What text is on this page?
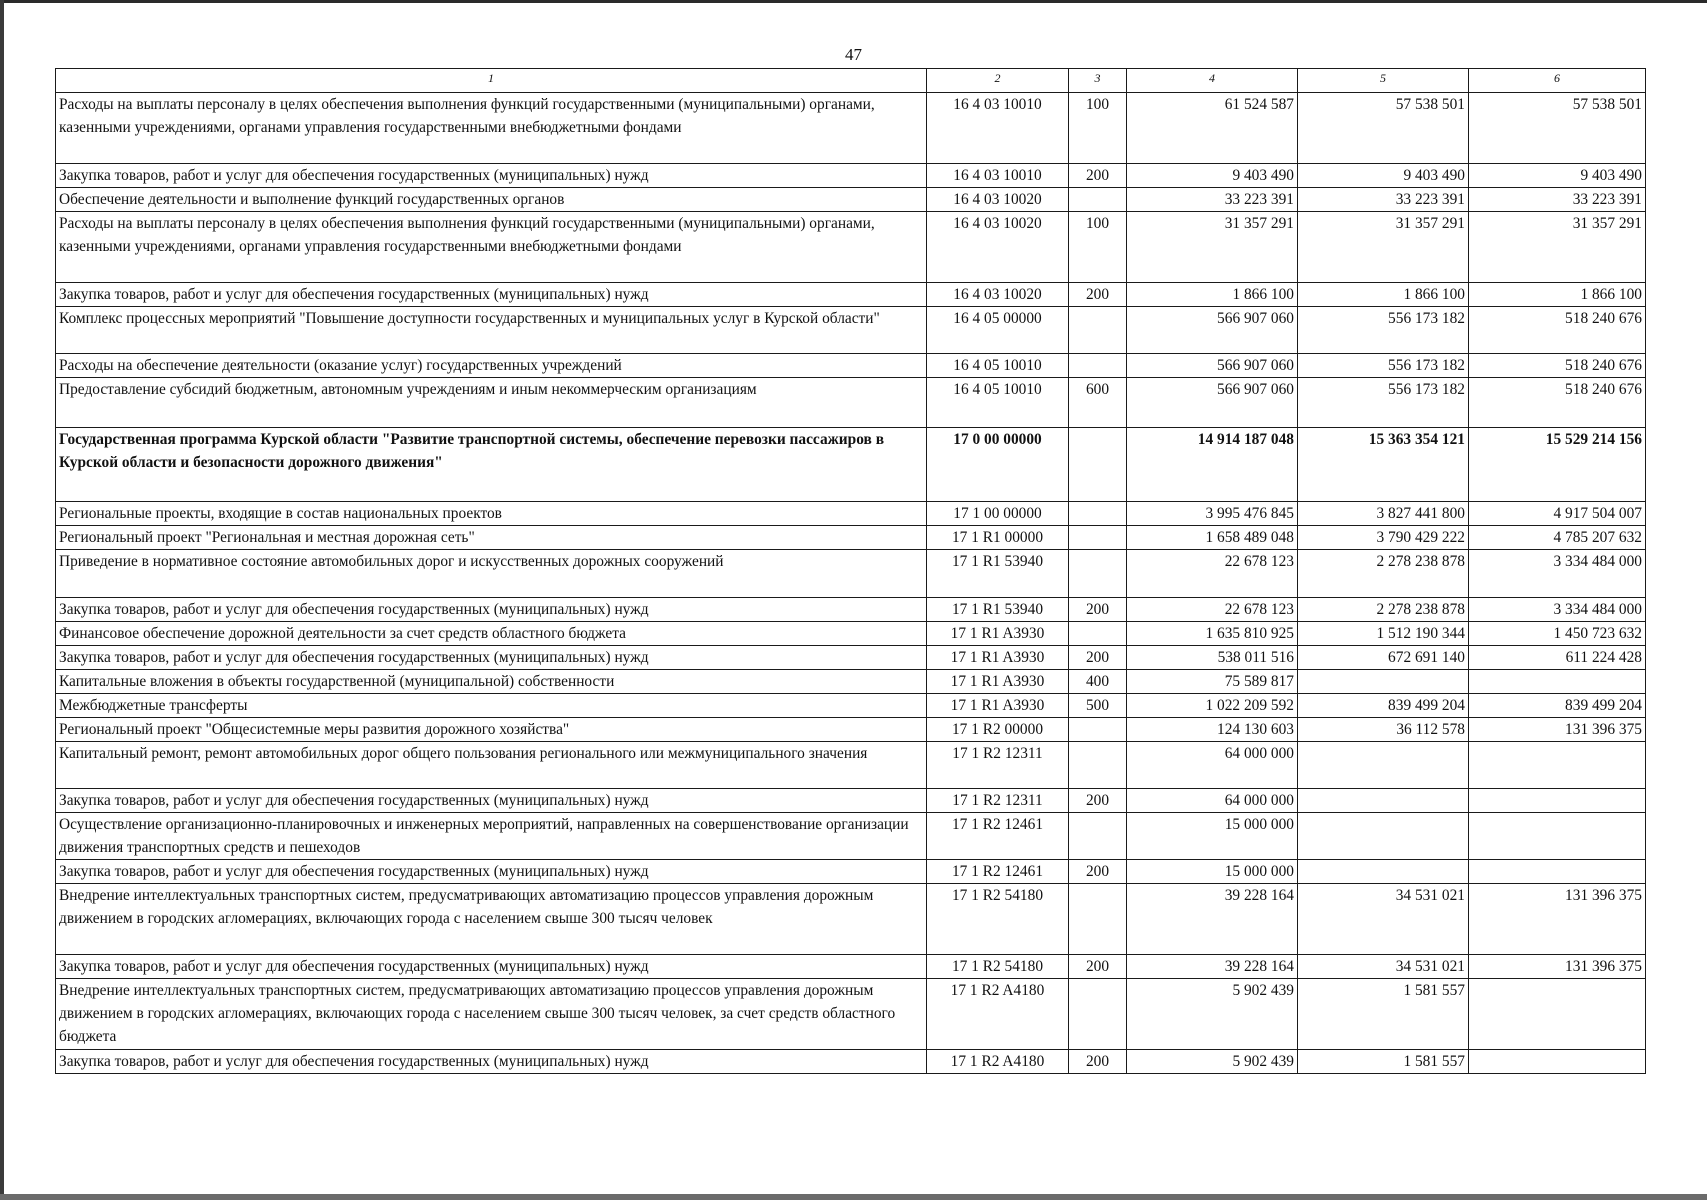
47
1	2	3	4	5	6
Расходы на выплаты персоналу в целях обеспечения выполнения функций государственными (муниципальными) органами, казенными учреждениями, органами управления государственными внебюджетными фондами	16 4 03 10010	100	61 524 587	57 538 501	57 538 501
Закупка товаров, работ и услуг для обеспечения государственных (муниципальных) нужд	16 4 03 10010	200	9 403 490	9 403 490	9 403 490
Обеспечение деятельности и выполнение функций государственных органов	16 4 03 10020		33 223 391	33 223 391	33 223 391
Расходы на выплаты персоналу в целях обеспечения выполнения функций государственными (муниципальными) органами, казенными учреждениями, органами управления государственными внебюджетными фондами	16 4 03 10020	100	31 357 291	31 357 291	31 357 291
Закупка товаров, работ и услуг для обеспечения государственных (муниципальных) нужд	16 4 03 10020	200	1 866 100	1 866 100	1 866 100
Комплекс процессных мероприятий "Повышение доступности государственных и муниципальных услуг в Курской области"	16 4 05 00000		566 907 060	556 173 182	518 240 676
Расходы на обеспечение деятельности (оказание услуг) государственных учреждений	16 4 05 10010		566 907 060	556 173 182	518 240 676
Предоставление субсидий бюджетным, автономным учреждениям и иным некоммерческим организациям	16 4 05 10010	600	566 907 060	556 173 182	518 240 676
Государственная программа Курской области "Развитие транспортной системы, обеспечение перевозки пассажиров в Курской области и безопасности дорожного движения"	17 0 00 00000		14 914 187 048	15 363 354 121	15 529 214 156
Региональные проекты, входящие в состав национальных проектов	17 1 00 00000		3 995 476 845	3 827 441 800	4 917 504 007
Региональный проект "Региональная и местная дорожная сеть"	17 1 R1 00000		1 658 489 048	3 790 429 222	4 785 207 632
Приведение в нормативное состояние автомобильных дорог и искусственных дорожных сооружений	17 1 R1 53940		22 678 123	2 278 238 878	3 334 484 000
Закупка товаров, работ и услуг для обеспечения государственных (муниципальных) нужд	17 1 R1 53940	200	22 678 123	2 278 238 878	3 334 484 000
Финансовое обеспечение дорожной деятельности за счет средств областного бюджета	17 1 R1 A3930		1 635 810 925	1 512 190 344	1 450 723 632
Закупка товаров, работ и услуг для обеспечения государственных (муниципальных) нужд	17 1 R1 A3930	200	538 011 516	672 691 140	611 224 428
Капитальные вложения в объекты государственной (муниципальной) собственности	17 1 R1 A3930	400	75 589 817		
Межбюджетные трансферты	17 1 R1 A3930	500	1 022 209 592	839 499 204	839 499 204
Региональный проект "Общесистемные меры развития дорожного хозяйства"	17 1 R2 00000		124 130 603	36 112 578	131 396 375
Капитальный ремонт, ремонт автомобильных дорог общего пользования регионального или межмуниципального значения	17 1 R2 12311		64 000 000		
Закупка товаров, работ и услуг для обеспечения государственных (муниципальных) нужд	17 1 R2 12311	200	64 000 000		
Осуществление организационно-планировочных и инженерных мероприятий, направленных на совершенствование организации движения транспортных средств и пешеходов	17 1 R2 12461		15 000 000		
Закупка товаров, работ и услуг для обеспечения государственных (муниципальных) нужд	17 1 R2 12461	200	15 000 000		
Внедрение интеллектуальных транспортных систем, предусматривающих автоматизацию процессов управления дорожным движением в городских агломерациях, включающих города с населением свыше 300 тысяч человек	17 1 R2 54180		39 228 164	34 531 021	131 396 375
Закупка товаров, работ и услуг для обеспечения государственных (муниципальных) нужд	17 1 R2 54180	200	39 228 164	34 531 021	131 396 375
Внедрение интеллектуальных транспортных систем, предусматривающих автоматизацию процессов управления дорожным движением в городских агломерациях, включающих города с населением свыше 300 тысяч человек, за счет средств областного бюджета	17 1 R2 A4180		5 902 439	1 581 557	
Закупка товаров, работ и услуг для обеспечения государственных (муниципальных) нужд	17 1 R2 A4180	200	5 902 439	1 581 557	
